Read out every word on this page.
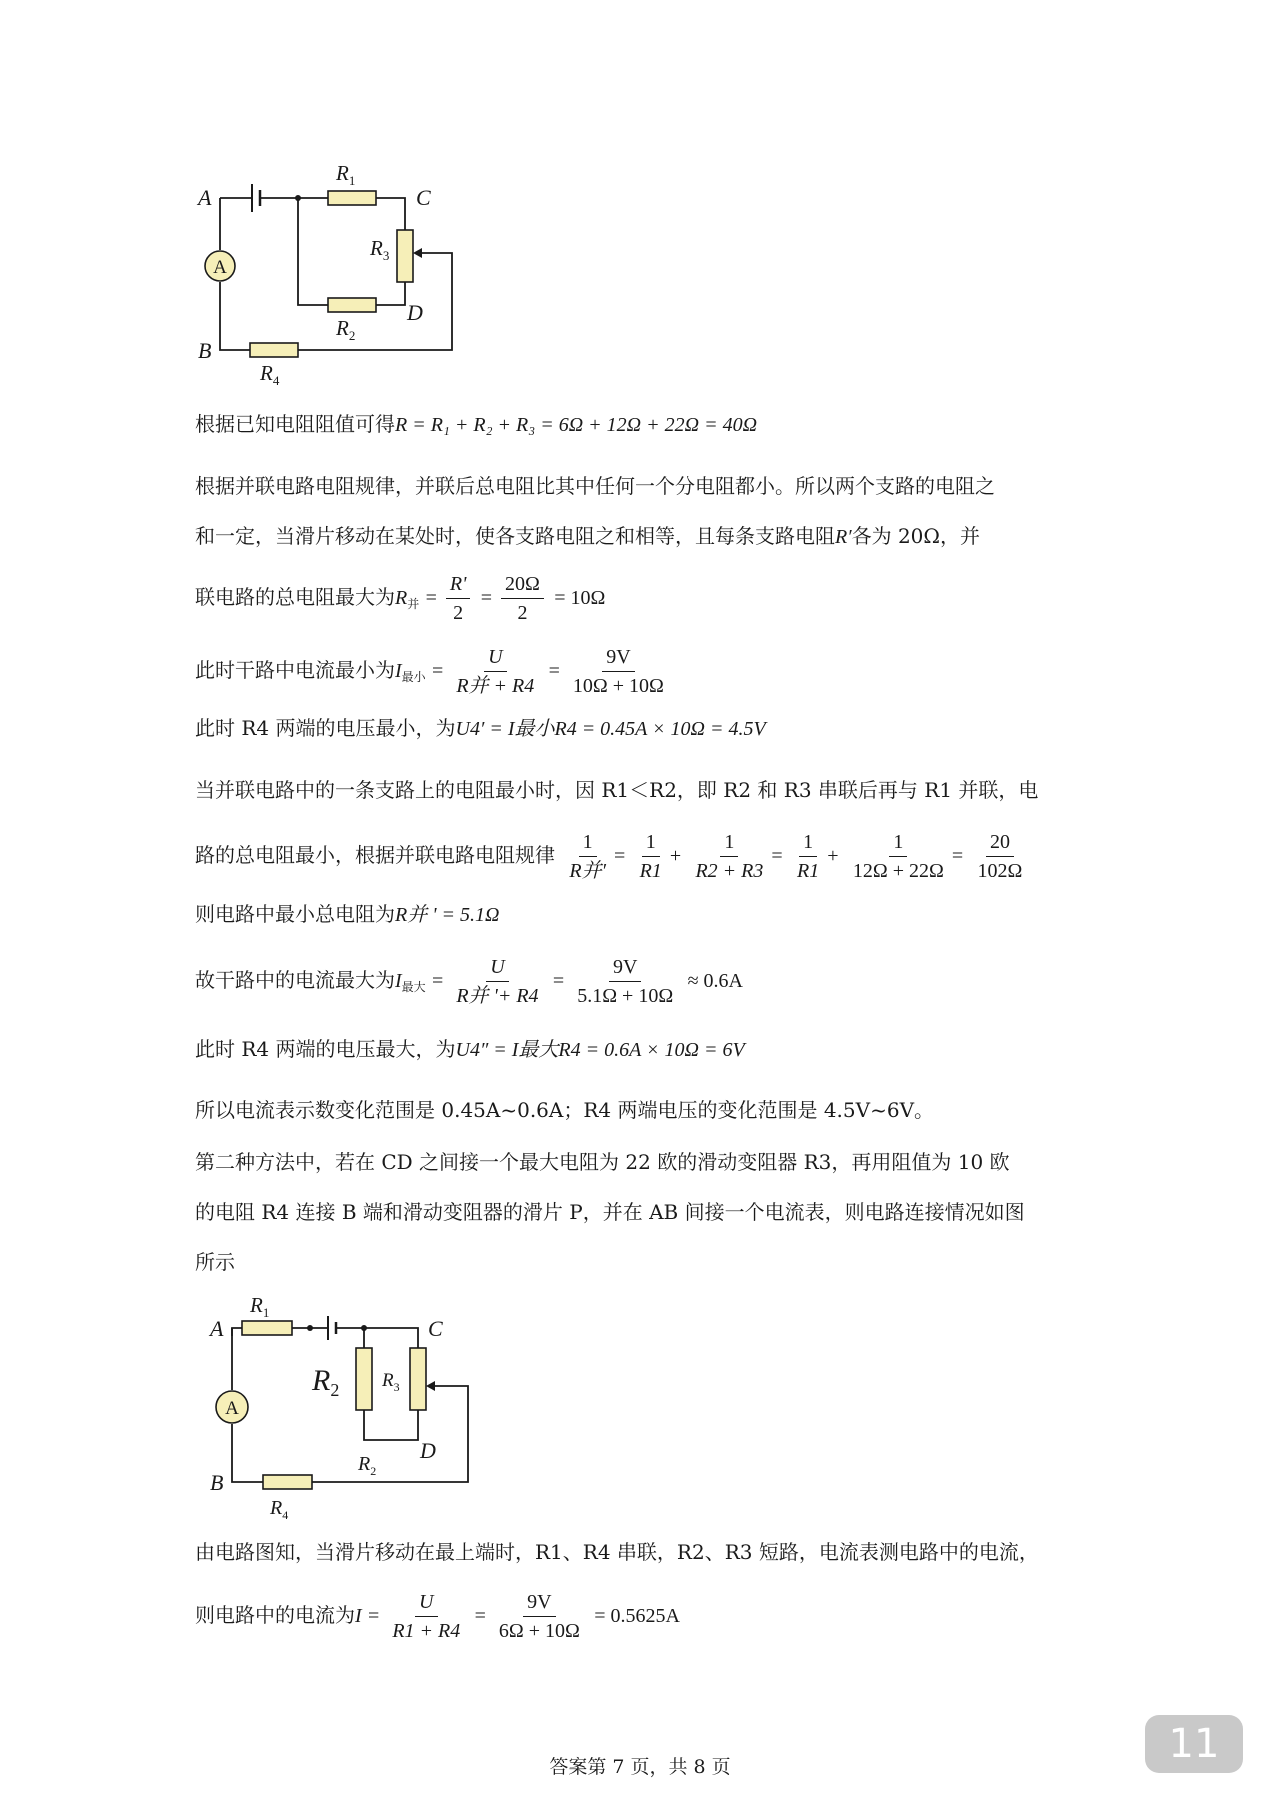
A
A
B
C
D
$R_1$
$R_3$
$R_2$
$R_4$
根据已知电阻阻值可得R = R₁ + R₂ + R₃ = 6Ω + 12Ω + 22Ω = 40Ω
根据并联电路电阻规律，并联后总电阻比其中任何一个分电阻都小。所以两个支路的电阻之
和一定，当滑片移动在某处时，使各支路电阻之和相等，且每条支路电阻R′各为 20Ω，并
联电路的总电阻最大为$R_并 = \frac{R'}{2} = \frac{20\Omega}{2} = 10\Omega$
此时干路中电流最小为$I_{最小} = \frac{U}{\text{R并 + R4}} = \frac{9V}{10\Omega + 10\Omega}$
此时 R4 两端的电压最小，为U4′ = I最小R4 = 0.45A × 10Ω = 4.5V
当并联电路中的一条支路上的电阻最小时，因 R1＜R2，即 R2 和 R3 串联后再与 R1 并联，电
路的总电阻最小，根据并联电路电阻规律 $\frac{1}{\text{R并′}} = \frac{1}{R1} + \frac{1}{R2 + R3} = \frac{1}{R1} + \frac{1}{12\Omega + 22\Omega} = \frac{20}{102\Omega}$
则电路中最小总电阻为R并 ' = 5.1Ω
故干路中的电流最大为$I_{最大} = \frac{U}{\text{R并 '+ R4}} = \frac{9V}{5.1\Omega + 10\Omega} \approx 0.6A$
此时 R4 两端的电压最大，为U4″ = I最大R4 = 0.6A × 10Ω = 6V
所以电流表示数变化范围是 0.45A~0.6A；R4 两端电压的变化范围是 4.5V~6V。
第二种方法中，若在 CD 之间接一个最大电阻为 22 欧的滑动变阻器 R3，再用阻值为 10 欧
的电阻 R4 连接 B 端和滑动变阻器的滑片 P，并在 AB 间接一个电流表，则电路连接情况如图
所示
A
A
B
C
D
$R_1$
$R_2$ $R_3$
$R_2$
$R_4$
由电路图知，当滑片移动在最上端时，R1、R4 串联，R2、R3 短路，电流表测电路中的电流，
则电路中的电流为$I = \frac{U}{R1 + R4} = \frac{9V}{6\Omega + 10\Omega} = 0.5625A$
答案第 7 页，共 8 页	11
